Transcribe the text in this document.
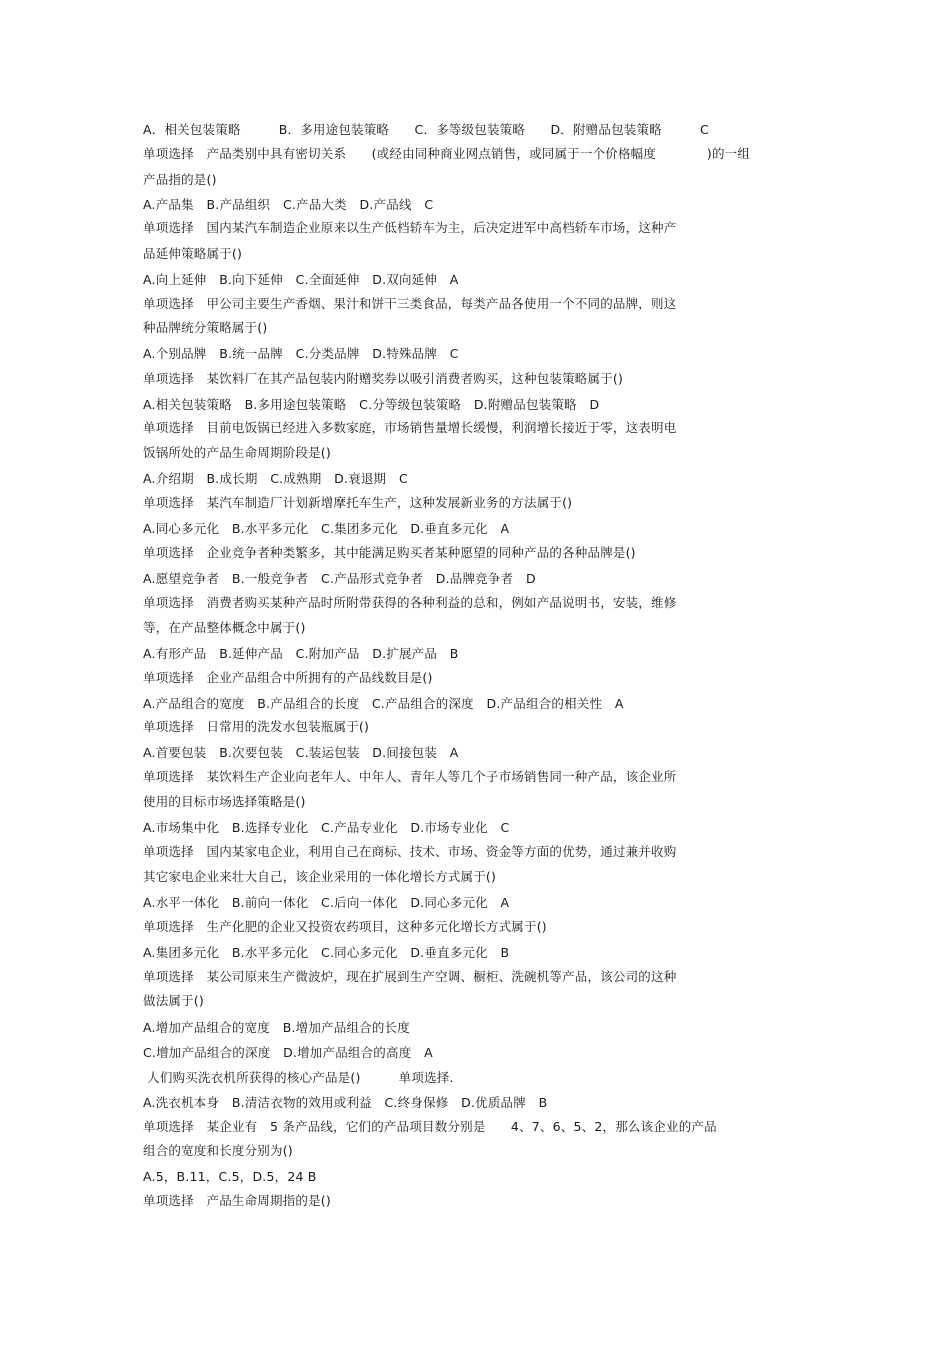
A．相关包装策略　　　B．多用途包装策略　　C．多等级包装策略　　D．附赠品包装策略　　　C
单项选择　产品类别中具有密切关系　　(或经由同种商业网点销售，或同属于一个价格幅度　　　　)的一组
产品指的是()
A.产品集　B.产品组织　C.产品大类　D.产品线　C
单项选择　国内某汽车制造企业原来以生产低档轿车为主，后决定进军中高档轿车市场，这种产
品延伸策略属于()
A.向上延伸　B.向下延伸　C.全面延伸　D.双向延伸　A
单项选择　甲公司主要生产香烟、果汁和饼干三类食品，每类产品各使用一个不同的品牌，则这
种品牌统分策略属于()
A.个别品牌　B.统一品牌　C.分类品牌　D.特殊品牌　C
单项选择　某饮料厂在其产品包装内附赠奖券以吸引消费者购买，这种包装策略属于()
A.相关包装策略　B.多用途包装策略　C.分等级包装策略　D.附赠品包装策略　D
单项选择　目前电饭锅已经进入多数家庭，市场销售量增长缓慢，利润增长接近于零，这表明电
饭锅所处的产品生命周期阶段是()
A.介绍期　B.成长期　C.成熟期　D.衰退期　C
单项选择　某汽车制造厂计划新增摩托车生产，这种发展新业务的方法属于()
A.同心多元化　B.水平多元化　C.集团多元化　D.垂直多元化　A
单项选择　企业竞争者种类繁多，其中能满足购买者某种愿望的同种产品的各种品牌是()
A.愿望竞争者　B.一般竞争者　C.产品形式竞争者　D.品牌竞争者　D
单项选择　消费者购买某种产品时所附带获得的各种利益的总和，例如产品说明书，安装，维修
等，在产品整体概念中属于()
A.有形产品　B.延伸产品　C.附加产品　D.扩展产品　B
单项选择　企业产品组合中所拥有的产品线数目是()
A.产品组合的宽度　B.产品组合的长度　C.产品组合的深度　D.产品组合的相关性　A
单项选择　日常用的洗发水包装瓶属于()
A.首要包装　B.次要包装　C.装运包装　D.间接包装　A
单项选择　某饮料生产企业向老年人、中年人、青年人等几个子市场销售同一种产品，该企业所
使用的目标市场选择策略是()
A.市场集中化　B.选择专业化　C.产品专业化　D.市场专业化　C
单项选择　国内某家电企业，利用自己在商标、技术、市场、资金等方面的优势，通过兼并收购
其它家电企业来壮大自己，该企业采用的一体化增长方式属于()
A.水平一体化　B.前向一体化　C.后向一体化　D.同心多元化　A
单项选择　生产化肥的企业又投资农药项目，这种多元化增长方式属于()
A.集团多元化　B.水平多元化　C.同心多元化　D.垂直多元化　B
单项选择　某公司原来生产微波炉，现在扩展到生产空调、橱柜、洗碗机等产品，该公司的这种
做法属于()
A.增加产品组合的宽度　B.增加产品组合的长度
C.增加产品组合的深度　D.增加产品组合的高度　A
人们购买洗衣机所获得的核心产品是()　　　单项选择.
A.洗衣机本身　B.清洁衣物的效用或利益　C.终身保修　D.优质品牌　B
单项选择　某企业有　5 条产品线，它们的产品项目数分别是　　4、7、6、5、2，那么该企业的产品
组合的宽度和长度分别为()
A.5，B.11，C.5，D.5，24 B
单项选择　产品生命周期指的是()
